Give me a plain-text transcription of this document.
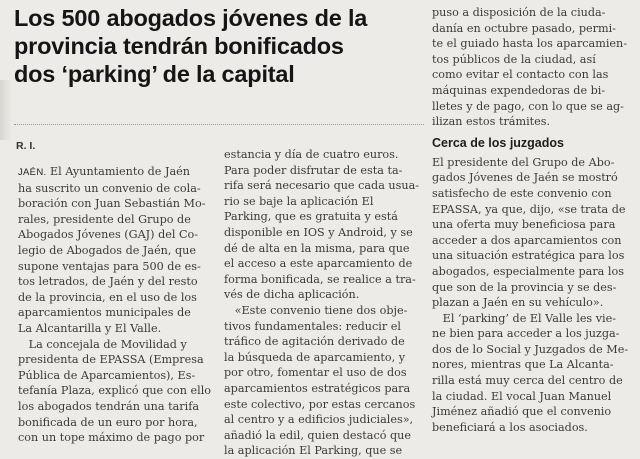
Los 500 abogados jóvenes de la
provincia tendrán bonificados
dos ‘parking’ de la capital
R. I.
JAÉN. El Ayuntamiento de Jaén
ha suscrito un convenio de cola-
boración con Juan Sebastián Mo-
rales, presidente del Grupo de
Abogados Jóvenes (GAJ) del Co-
legio de Abogados de Jaén, que
supone ventajas para 500 de es-
tos letrados, de Jaén y del resto
de la provincia, en el uso de los
aparcamientos municipales de
La Alcantarilla y El Valle.
La concejala de Movilidad y
presidenta de EPASSA (Empresa
Pública de Aparcamientos), Es-
tefanía Plaza, explicó que con ello
los abogados tendrán una tarifa
bonificada de un euro por hora,
con un tope máximo de pago por
estancia y día de cuatro euros.
Para poder disfrutar de esta ta-
rifa será necesario que cada usua-
rio se baje la aplicación El
Parking, que es gratuita y está
disponible en IOS y Android, y se
dé de alta en la misma, para que
el acceso a este aparcamiento de
forma bonificada, se realice a tra-
vés de dicha aplicación.
«Este convenio tiene dos obje-
tivos fundamentales: reducir el
tráfico de agitación derivado de
la búsqueda de aparcamiento, y
por otro, fomentar el uso de dos
aparcamientos estratégicos para
este colectivo, por estas cercanos
al centro y a edificios judiciales»,
añadió la edil, quien destacó que
la aplicación El Parking, que se
puso a disposición de la ciuda-
danía en octubre pasado, permi-
te el guiado hasta los aparcamien-
tos públicos de la ciudad, así
como evitar el contacto con las
máquinas expendedoras de bi-
lletes y de pago, con lo que se ag-
ilizan estos trámites.
Cerca de los juzgados
El presidente del Grupo de Abo-
gados Jóvenes de Jaén se mostró
satisfecho de este convenio con
EPASSA, ya que, dijo, «se trata de
una oferta muy beneficiosa para
acceder a dos aparcamientos con
una situación estratégica para los
abogados, especialmente para los
que son de la provincia y se des-
plazan a Jaén en su vehículo».
El ‘parking’ de El Valle les vie-
ne bien para acceder a los juzga-
dos de lo Social y Juzgados de Me-
nores, mientras que La Alcanta-
rilla está muy cerca del centro de
la ciudad. El vocal Juan Manuel
Jiménez añadió que el convenio
beneficiará a los asociados.
